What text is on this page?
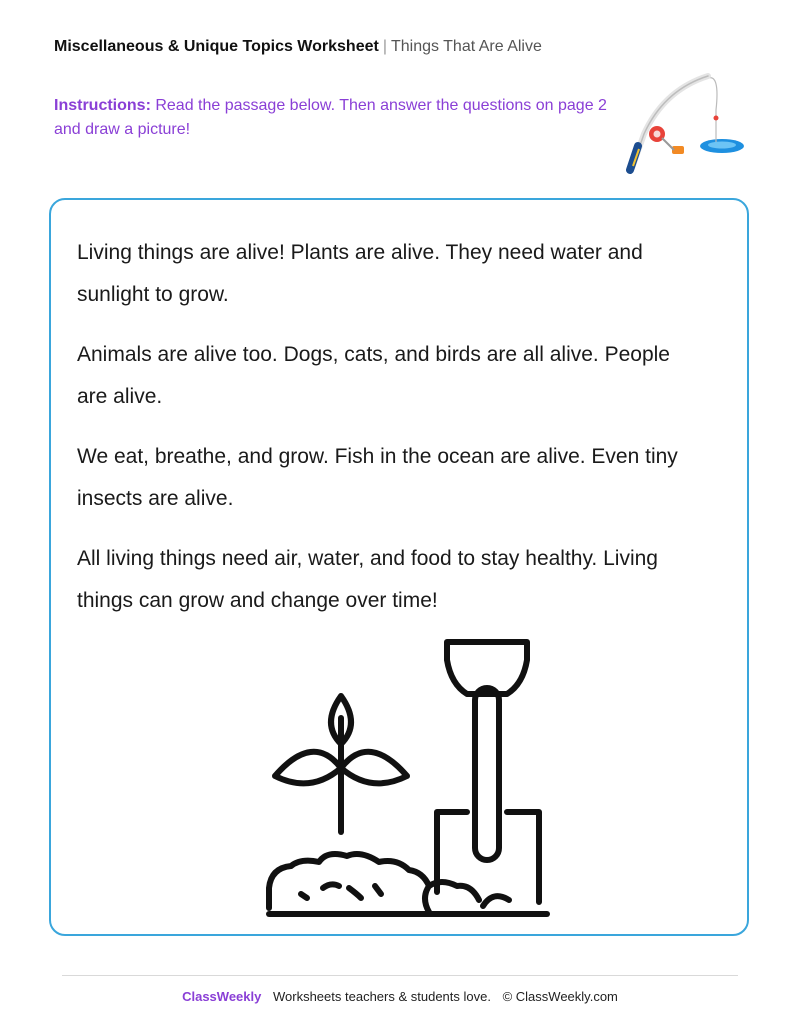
Miscellaneous & Unique Topics Worksheet | Things That Are Alive
Instructions: Read the passage below. Then answer the questions on page 2 and draw a picture!

Living things are alive! Plants are alive. They need water and sunlight to grow.

Animals are alive too. Dogs, cats, and birds are all alive. People are alive.

We eat, breathe, and grow. Fish in the ocean are alive. Even tiny insects are alive.

All living things need air, water, and food to stay healthy. Living things can grow and change over time!

ClassWeekly Worksheets teachers & students love. © ClassWeekly.com
